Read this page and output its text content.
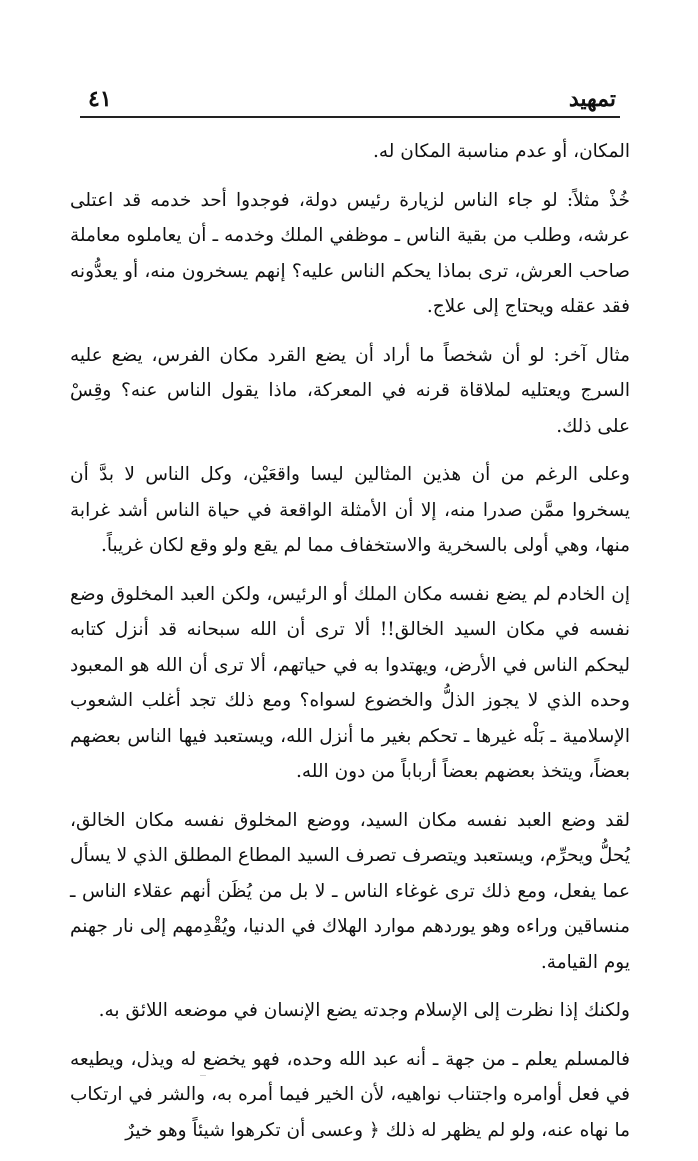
٤١	تمهيد

المكان، أو عدم مناسبة المكان له.

خُذْ مثلاً: لو جاء الناس لزيارة رئيس دولة، فوجدوا أحد خدمه قد اعتلى عرشه، وطلب من بقية الناس ـ موظفي الملك وخدمه ـ أن يعاملوه معاملة صاحب العرش، ترى بماذا يحكم الناس عليه؟ إنهم يسخرون منه، أو يعدُّونه فقد عقله ويحتاج إلى علاج.

مثال آخر: لو أن شخصاً ما أراد أن يضع القرد مكان الفرس، يضع عليه السرج ويعتليه لملاقاة قرنه في المعركة، ماذا يقول الناس عنه؟ وقِسْ على ذلك.

وعلى الرغم من أن هذين المثالين ليسا واقعَيْن، وكل الناس لا بدَّ أن يسخروا ممَّن صدرا منه، إلا أن الأمثلة الواقعة في حياة الناس أشد غرابة منها، وهي أولى بالسخرية والاستخفاف مما لم يقع ولو وقع لكان غريباً.

إن الخادم لم يضع نفسه مكان الملك أو الرئيس، ولكن العبد المخلوق وضع نفسه في مكان السيد الخالق!! ألا ترى أن الله سبحانه قد أنزل كتابه ليحكم الناس في الأرض، ويهتدوا به في حياتهم، ألا ترى أن الله هو المعبود وحده الذي لا يجوز الذلُّ والخضوع لسواه؟ ومع ذلك تجد أغلب الشعوب الإسلامية ـ بَلْه غيرها ـ تحكم بغير ما أنزل الله، ويستعبد فيها الناس بعضهم بعضاً، ويتخذ بعضهم بعضاً أرباباً من دون الله.

لقد وضع العبد نفسه مكان السيد، ووضع المخلوق نفسه مكان الخالق، يُحلُّ ويحرِّم، ويستعبد ويتصرف تصرف السيد المطاع المطلق الذي لا يسأل عما يفعل، ومع ذلك ترى غوغاء الناس ـ لا بل من يُظَن أنهم عقلاء الناس ـ منساقين وراءه وهو يوردهم موارد الهلاك في الدنيا، ويُقْدِمهم إلى نار جهنم يوم القيامة.

ولكنك إذا نظرت إلى الإسلام وجدته يضع الإنسان في موضعه اللائق به.

فالمسلم يعلم ـ من جهة ـ أنه عبد الله وحده، فهو يخضع له ويذل، ويطيعه في فعل أوامره واجتناب نواهيه، لأن الخير فيما أمره به، والشر في ارتكاب ما نهاه عنه، ولو لم يظهر له ذلك ﴿ وعسى أن تكرهوا شيئاً وهو خيرٌ
